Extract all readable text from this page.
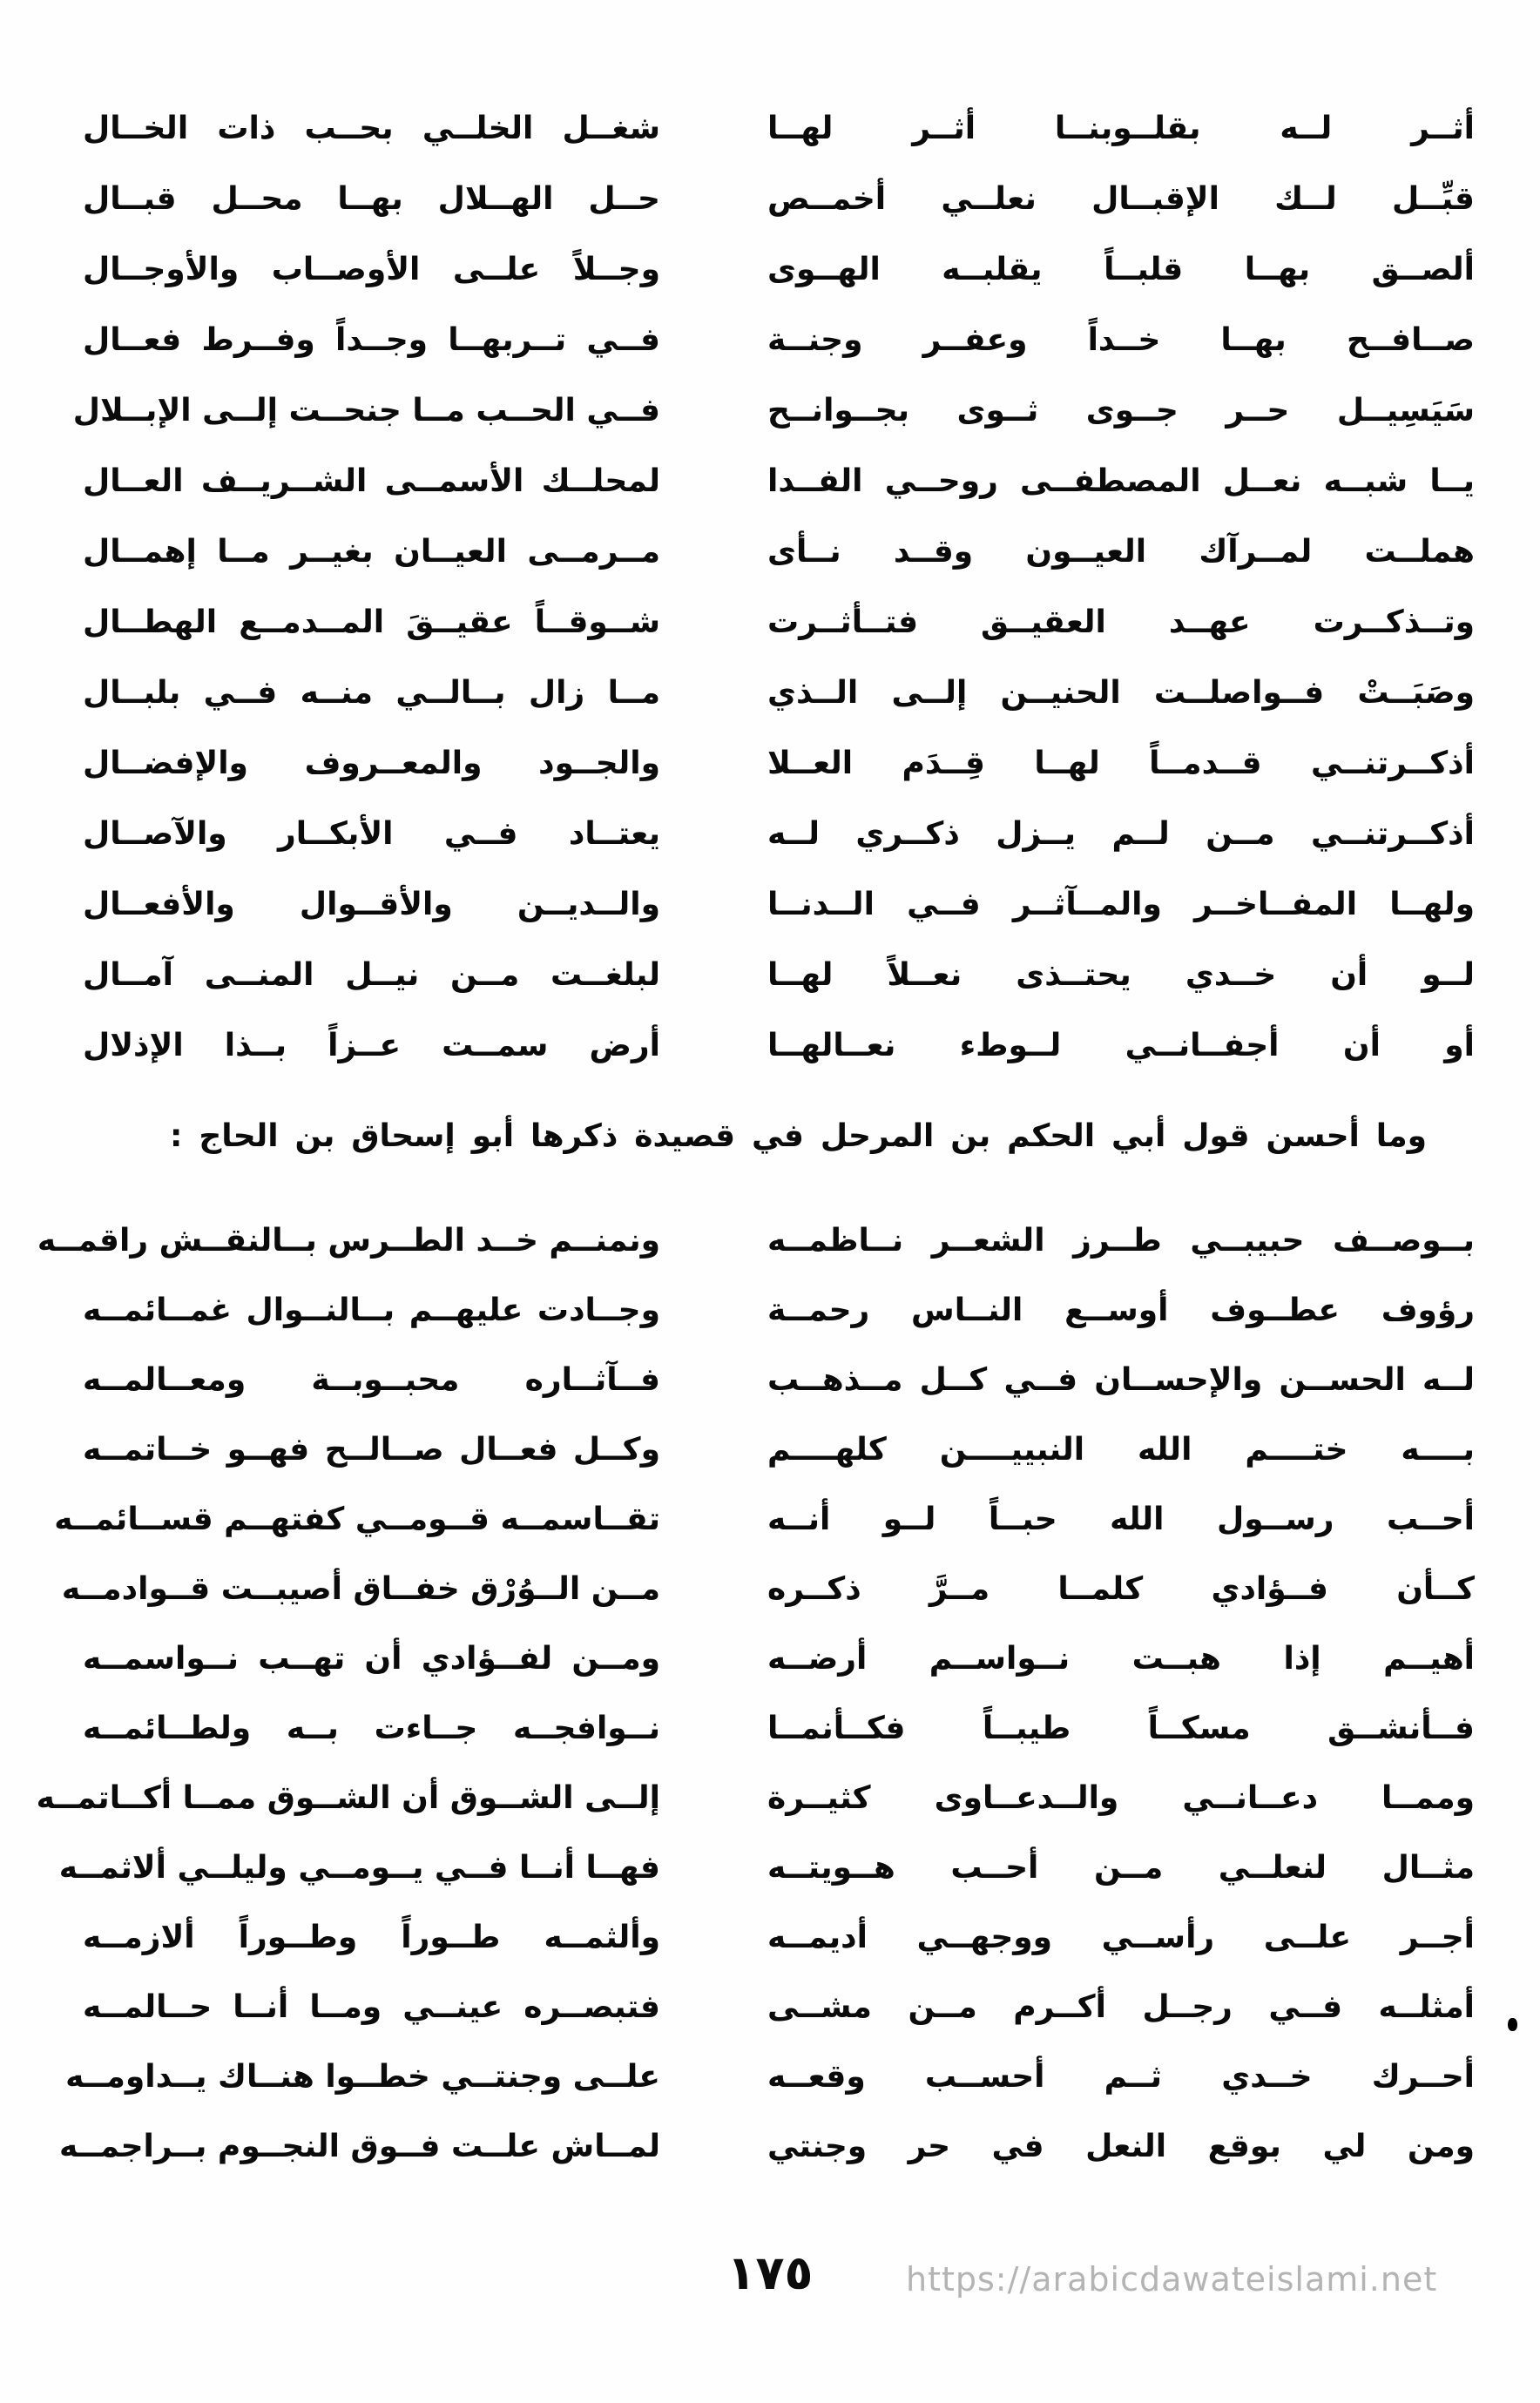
أثــر لــه بقلــوبنــا أثــر لهــا
شغــل الخلــي بحــب ذات الخــال
قبِّــل لــك الإقبــال نعلــي أخمــص
حــل الهــلال بهــا محــل قبــال
ألصــق بهــا قلبــاً يقلبــه الهــوى
وجــلاً علــى الأوصــاب والأوجــال
صــافــح بهــا خــداً وعفــر وجنــة
فــي تــربهــا وجــداً وفــرط فعــال
سَيَسِيــل حــر جــوى ثــوى بجــوانــح
فــي الحــب مــا جنحــت إلــى الإبــلال
يــا شبــه نعــل المصطفــى روحــي الفــدا
لمحلــك الأسمــى الشــريــف العــال
هملــت لمــرآك العيــون وقــد نــأى
مــرمــى العيــان بغيــر مــا إهمــال
وتــذكــرت عهــد العقيــق فتــأثــرت
شــوقــاً عقيــقَ المــدمــع الهطــال
وصَبَــتْ فــواصلــت الحنيــن إلــى الــذي
مــا زال بــالــي منــه فــي بلبــال
أذكــرتنــي قــدمــاً لهــا قِــدَم العــلا
والجــود والمعــروف والإفضــال
أذكــرتنــي مــن لــم يــزل ذكــري لــه
يعتــاد فــي الأبكــار والآصــال
ولهــا المفــاخــر والمــآثــر فــي الــدنــا
والــديــن والأقــوال والأفعــال
لــو أن خــدي يحتــذى نعــلاً لهــا
لبلغــت مــن نيــل المنــى آمــال
أو أن أجفــانــي لــوطء نعــالهــا
أرض سمــت عــزاً بــذا الإذلال
وما أحسن قول أبي الحكم بن المرحل في قصيدة ذكرها أبو إسحاق بن الحاج :
بــوصــف حبيبــي طــرز الشعــر نــاظمــه
ونمنــم خــد الطــرس بــالنقــش راقمــه
رؤوف عطــوف أوســع النــاس رحمــة
وجــادت عليهــم بــالنــوال غمــائمــه
لــه الحســن والإحســان فــي كــل مــذهــب
فــآثــاره محبــوبــة ومعــالمــه
بــــه ختــــم الله النبييــــن كلهــــم
وكــل فعــال صــالــح فهــو خــاتمــه
أحــب رســول الله حبــاً لــو أنــه
تقــاسمــه قــومــي كفتهــم قســائمــه
كــأن فــؤادي كلمــا مــرَّ ذكــره
مــن الــوُرْق خفــاق أصيبــت قــوادمــه
أهيــم إذا هبــت نــواســم أرضــه
ومــن لفــؤادي أن تهــب نــواسمــه
فــأنشــق مسكــاً طيبــاً فكــأنمــا
نــوافجــه جــاءت بــه ولطــائمــه
وممــا دعــانــي والــدعــاوى كثيــرة
إلــى الشــوق أن الشــوق ممــا أكــاتمــه
مثــال لنعلــي مــن أحــب هــويتــه
فهــا أنــا فــي يــومــي وليلــي ألاثمــه
أجــر علــى رأســي ووجهــي أديمــه
وألثمــه طــوراً وطــوراً ألازمــه
أمثلــه فــي رجــل أكــرم مــن مشــى
فتبصــره عينــي ومــا أنــا حــالمــه
أحــرك خــدي ثــم أحســب وقعــه
علــى وجنتــي خطــوا هنــاك يــداومــه
ومن لي بوقع النعل في حر وجنتي
لمــاش علــت فــوق النجــوم بــراجمــه
١٧٥	https://arabicdawateislami.net
